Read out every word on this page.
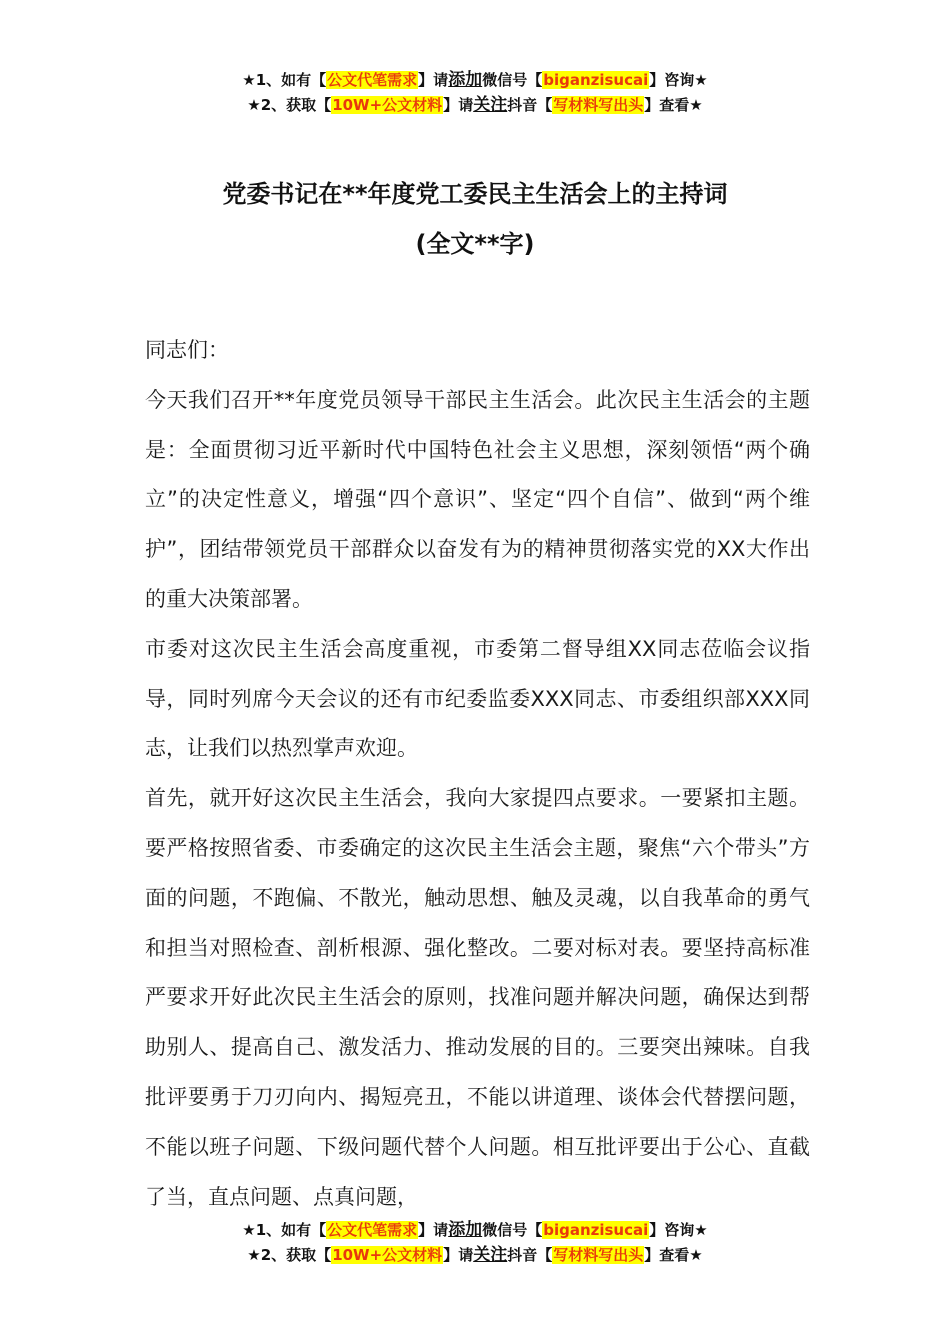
★1、如有【公文代笔需求】请添加微信号【biganzisucai】咨询★
★2、获取【10W+公文材料】请关注抖音【写材料写出头】查看★
党委书记在**年度党工委民主生活会上的主持词
(全文**字)

同志们：

今天我们召开**年度党员领导干部民主生活会。此次民主生活会的主题是：全面贯彻习近平新时代中国特色社会主义思想，深刻领悟“两个确立”的决定性意义，增强“四个意识”、坚定“四个自信”、做到“两个维护”，团结带领党员干部群众以奋发有为的精神贯彻落实党的XX大作出的重大决策部署。

市委对这次民主生活会高度重视，市委第二督导组XX同志莅临会议指导，同时列席今天会议的还有市纪委监委XXX同志、市委组织部XXX同志，让我们以热烈掌声欢迎。

首先，就开好这次民主生活会，我向大家提四点要求。一要紧扣主题。要严格按照省委、市委确定的这次民主生活会主题，聚焦“六个带头”方面的问题，不跑偏、不散光，触动思想、触及灵魂，以自我革命的勇气和担当对照检查、剖析根源、强化整改。二要对标对表。要坚持高标准严要求开好此次民主生活会的原则，找准问题并解决问题，确保达到帮助别人、提高自己、激发活力、推动发展的目的。三要突出辣味。自我批评要勇于刀刃向内、揭短亮丑，不能以讲道理、谈体会代替摆问题，不能以班子问题、下级问题代替个人问题。相互批评要出于公心、直截了当，直点问题、点真问题，

★1、如有【公文代笔需求】请添加微信号【biganzisucai】咨询★
★2、获取【10W+公文材料】请关注抖音【写材料写出头】查看★
